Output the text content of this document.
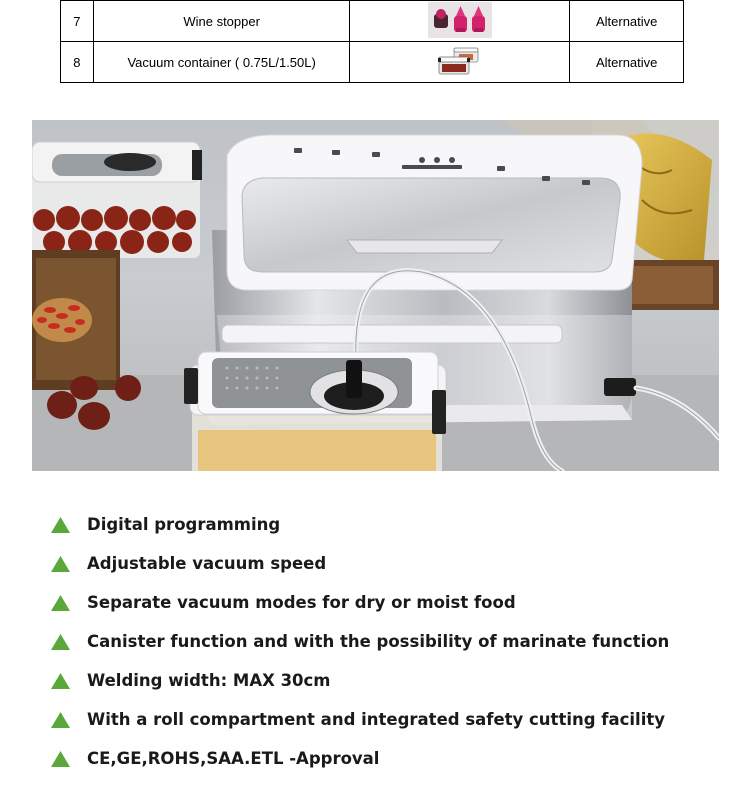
7	Wine stopper		Alternative
8	Vacuum container ( 0.75L/1.50L)		Alternative
Digital programming
Adjustable vacuum speed
Separate vacuum modes for dry or moist food
Canister function and with the possibility of marinate function
Welding width: MAX 30cm
With a roll compartment and integrated safety cutting facility
CE,GE,ROHS,SAA.ETL -Approval
